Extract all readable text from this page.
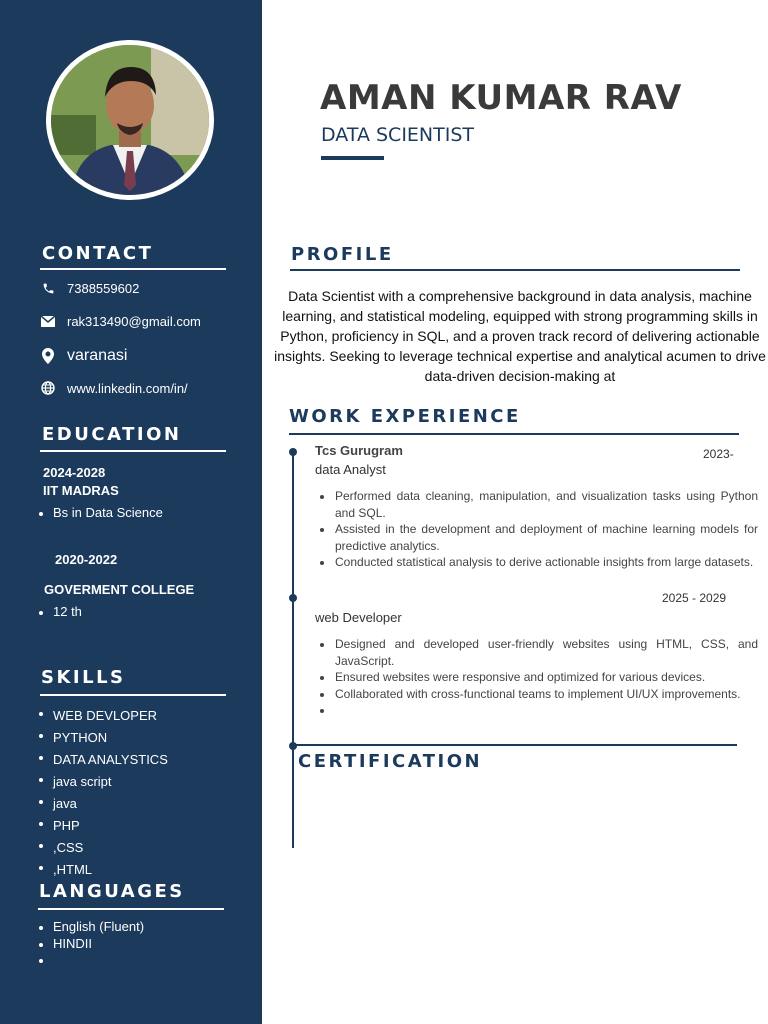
CONTACT
7388559602
rak313490@gmail.com
varanasi
www.linkedin.com/in/
EDUCATION
2024-2028
IIT MADRAS
Bs in Data Science
2020-2022
GOVERMENT COLLEGE
12 th
SKILLS
WEB DEVLOPER
PYTHON
DATA ANALYSTICS
java script
java
PHP
,CSS
,HTML
LANGUAGES
English (Fluent)
HINDII
AMAN KUMAR RAV
DATA SCIENTIST
PROFILE
Data Scientist with a comprehensive background in data analysis, machine learning, and statistical modeling, equipped with strong programming skills in Python, proficiency in SQL, and a proven track record of delivering actionable insights. Seeking to leverage technical expertise and analytical acumen to drive data-driven decision-making at
WORK EXPERIENCE
Tcs Gurugram	2023-
data Analyst
Performed data cleaning, manipulation, and visualization tasks using Python and SQL.
Assisted in the development and deployment of machine learning models for predictive analytics.
Conducted statistical analysis to derive actionable insights from large datasets.
2025 - 2029
web Developer
Designed and developed user-friendly websites using HTML, CSS, and JavaScript.
Ensured websites were responsive and optimized for various devices.
Collaborated with cross-functional teams to implement UI/UX improvements.
CERTIFICATION
